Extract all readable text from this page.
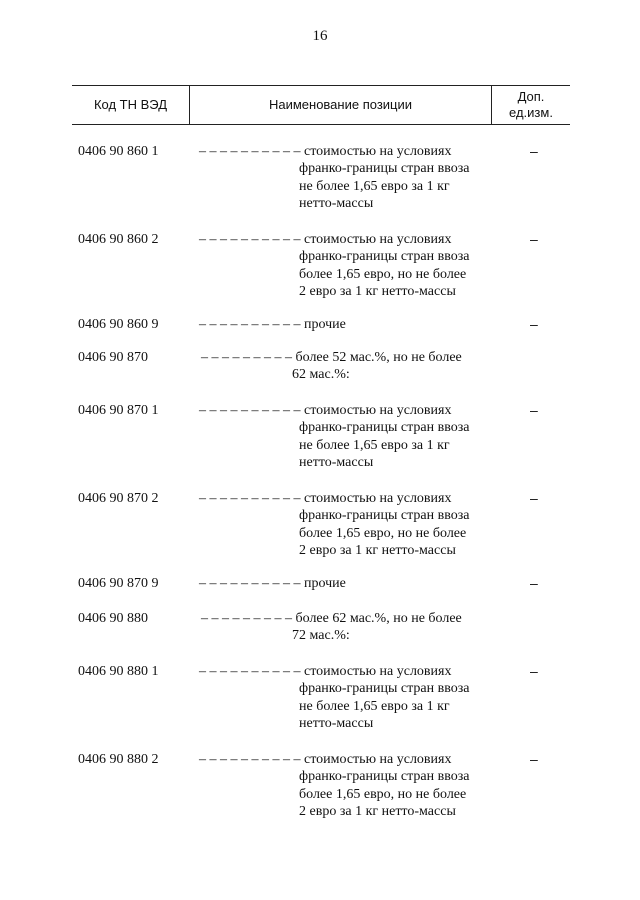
16
Код ТН ВЭД	Наименование позиции
Доп.
ед.изм.
0406 90 860 1	– – – – – – – – – – стоимостью на условиях
франко-границы стран ввоза
не более 1,65 евро за 1 кг
нетто-массы
–
0406 90 860 2	– – – – – – – – – – стоимостью на условиях
франко-границы стран ввоза
более 1,65 евро, но не более
2 евро за 1 кг нетто-массы
–
0406 90 860 9	– – – – – – – – – – прочие	–
0406 90 870	– – – – – – – – – более 52 мас.%, но не более
62 мас.%:
0406 90 870 1	– – – – – – – – – – стоимостью на условиях
франко-границы стран ввоза
не более 1,65 евро за 1 кг
нетто-массы
–
0406 90 870 2	– – – – – – – – – – стоимостью на условиях
франко-границы стран ввоза
более 1,65 евро, но не более
2 евро за 1 кг нетто-массы
–
0406 90 870 9	– – – – – – – – – – прочие	–
0406 90 880	– – – – – – – – – более 62 мас.%, но не более
72 мас.%:
0406 90 880 1	– – – – – – – – – – стоимостью на условиях
франко-границы стран ввоза
не более 1,65 евро за 1 кг
нетто-массы
–
0406 90 880 2	– – – – – – – – – – стоимостью на условиях
франко-границы стран ввоза
более 1,65 евро, но не более
2 евро за 1 кг нетто-массы
–
